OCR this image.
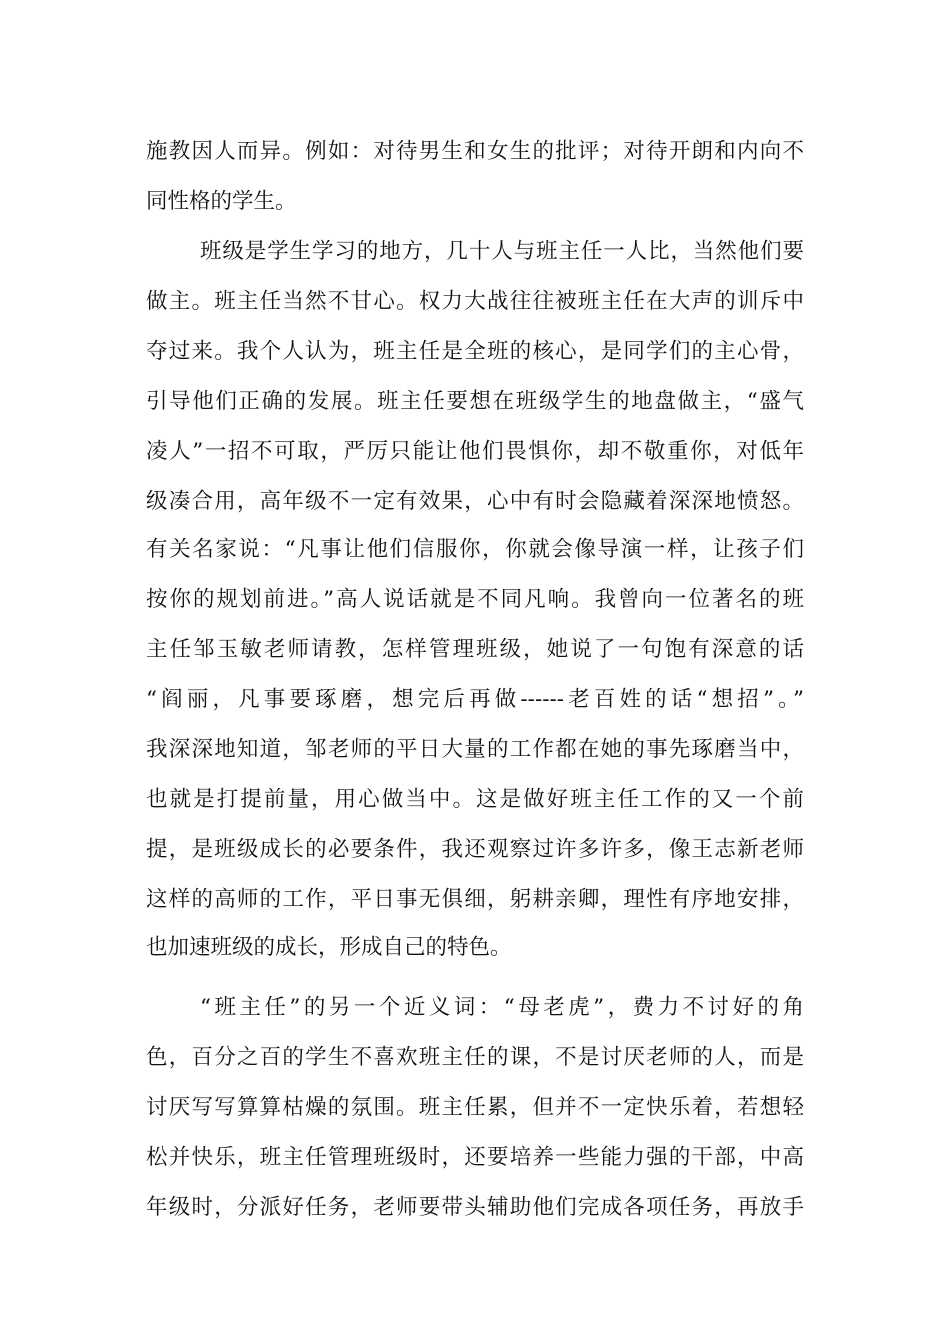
施教因人而异。例如：对待男生和女生的批评；对待开朗和内向不
同性格的学生。
班级是学生学习的地方，几十人与班主任一人比，当然他们要
做主。班主任当然不甘心。权力大战往往被班主任在大声的训斥中
夺过来。我个人认为，班主任是全班的核心，是同学们的主心骨，
引导他们正确的发展。班主任要想在班级学生的地盘做主，“盛气
凌人”一招不可取，严厉只能让他们畏惧你，却不敬重你，对低年
级凑合用，高年级不一定有效果，心中有时会隐藏着深深地愤怒。
有关名家说：“凡事让他们信服你，你就会像导演一样，让孩子们
按你的规划前进。”高人说话就是不同凡响。我曾向一位著名的班
主任邹玉敏老师请教，怎样管理班级，她说了一句饱有深意的话
“阎丽，凡事要琢磨，想完后再做------老百姓的话“想招”。”
我深深地知道，邹老师的平日大量的工作都在她的事先琢磨当中，
也就是打提前量，用心做当中。这是做好班主任工作的又一个前
提，是班级成长的必要条件，我还观察过许多许多，像王志新老师
这样的高师的工作，平日事无俱细，躬耕亲卿，理性有序地安排，
也加速班级的成长，形成自己的特色。
“班主任”的另一个近义词：“母老虎”，费力不讨好的角
色，百分之百的学生不喜欢班主任的课，不是讨厌老师的人，而是
讨厌写写算算枯燥的氛围。班主任累，但并不一定快乐着，若想轻
松并快乐，班主任管理班级时，还要培养一些能力强的干部，中高
年级时，分派好任务，老师要带头辅助他们完成各项任务，再放手
